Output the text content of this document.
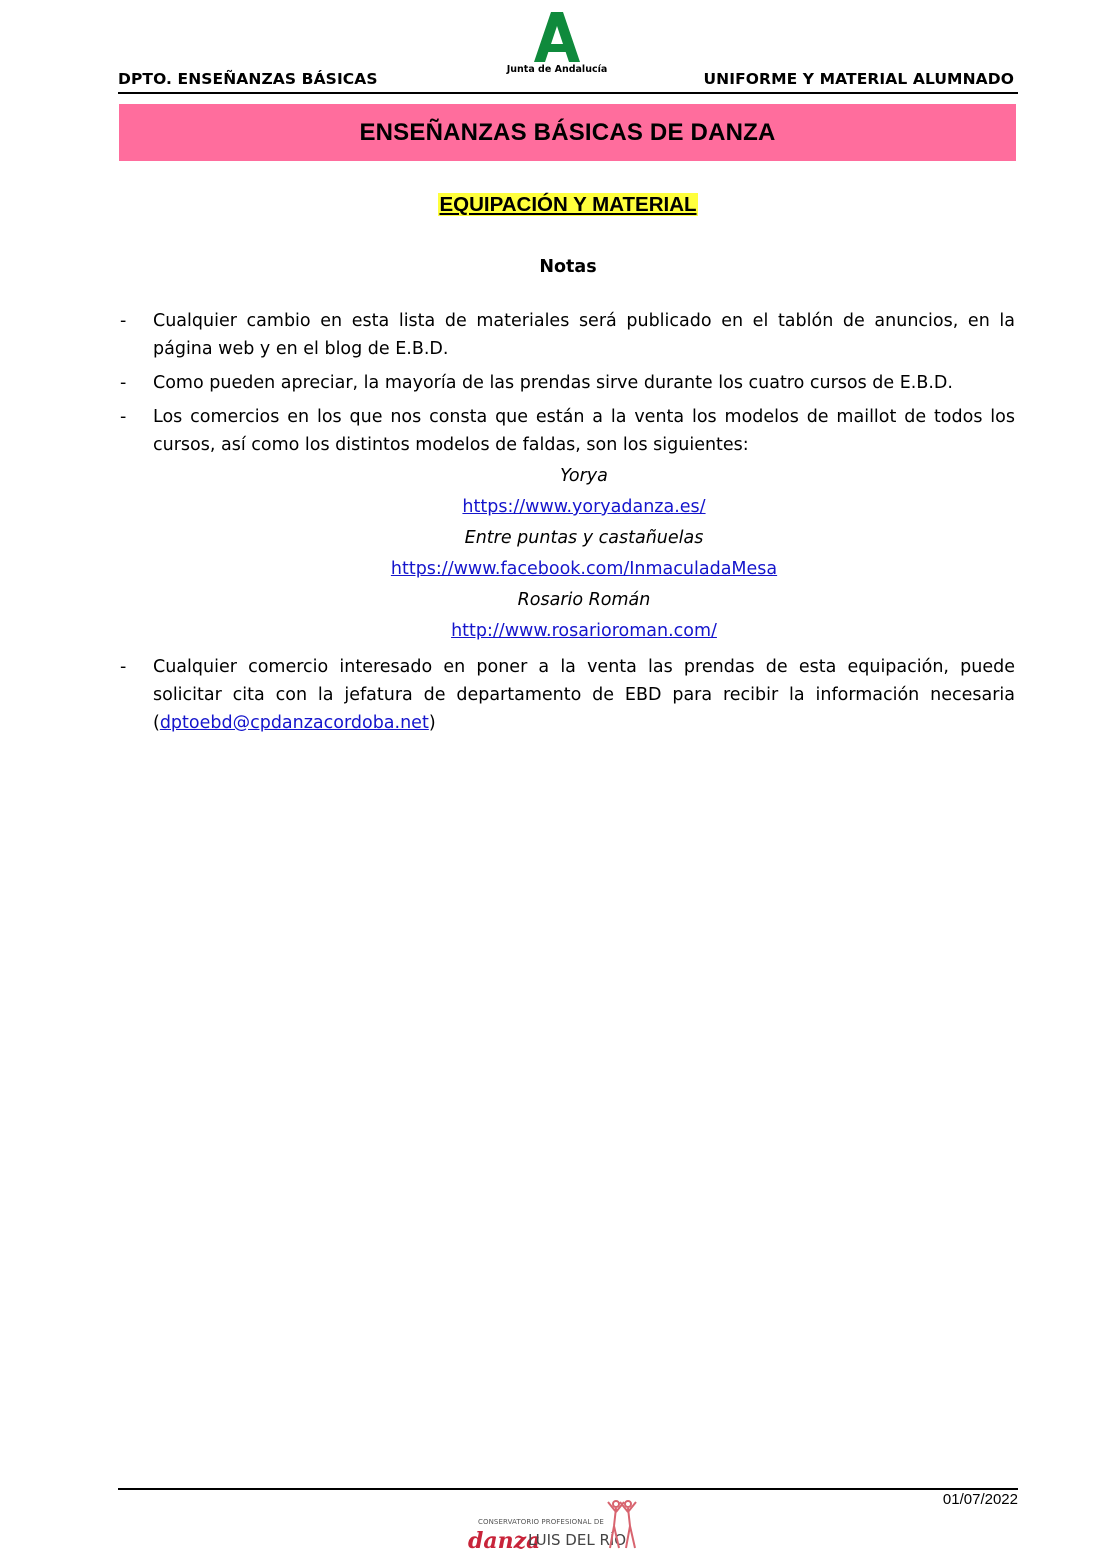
DPTO. ENSEÑANZAS BÁSICAS
Junta de Andalucía
UNIFORME Y MATERIAL ALUMNADO
ENSEÑANZAS BÁSICAS DE DANZA
EQUIPACIÓN Y MATERIAL
Notas
- Cualquier cambio en esta lista de materiales será publicado en el tablón de anuncios, en la página web y en el blog de E.B.D.
- Como pueden apreciar, la mayoría de las prendas sirve durante los cuatro cursos de E.B.D.
- Los comercios en los que nos consta que están a la venta los modelos de maillot de todos los cursos, así como los distintos modelos de faldas, son los siguientes:
Yorya
https://www.yoryadanza.es/
Entre puntas y castañuelas
https://www.facebook.com/InmaculadaMesa
Rosario Román
http://www.rosarioroman.com/
- Cualquier comercio interesado en poner a la venta las prendas de esta equipación, puede solicitar cita con la jefatura de departamento de EBD para recibir la información necesaria (dptoebd@cpdanzacordoba.net)
01/07/2022
CONSERVATORIO PROFESIONAL DE
danza
LUIS DEL RÍO
